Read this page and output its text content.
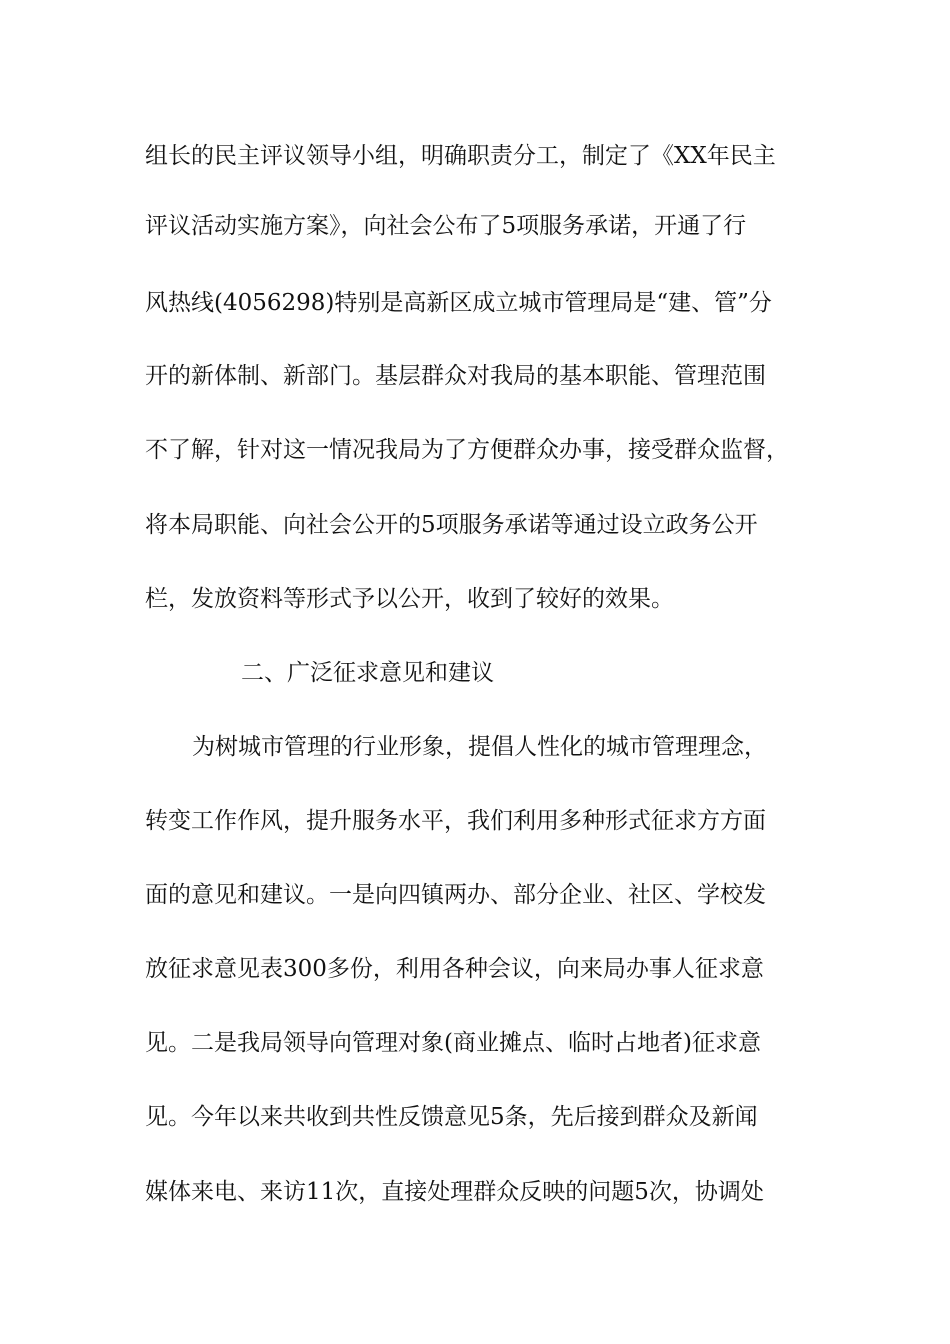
组长的民主评议领导小组，明确职责分工，制定了《XX年民主
评议活动实施方案》，向社会公布了5项服务承诺，开通了行
风热线(4056298)特别是高新区成立城市管理局是“建、管”分
开的新体制、新部门。基层群众对我局的基本职能、管理范围
不了解，针对这一情况我局为了方便群众办事，接受群众监督，
将本局职能、向社会公开的5项服务承诺等通过设立政务公开
栏，发放资料等形式予以公开，收到了较好的效果。
二、广泛征求意见和建议
为树城市管理的行业形象，提倡人性化的城市管理理念，
转变工作作风，提升服务水平，我们利用多种形式征求方方面
面的意见和建议。一是向四镇两办、部分企业、社区、学校发
放征求意见表300多份，利用各种会议，向来局办事人征求意
见。二是我局领导向管理对象(商业摊点、临时占地者)征求意
见。今年以来共收到共性反馈意见5条，先后接到群众及新闻
媒体来电、来访11次，直接处理群众反映的问题5次，协调处
